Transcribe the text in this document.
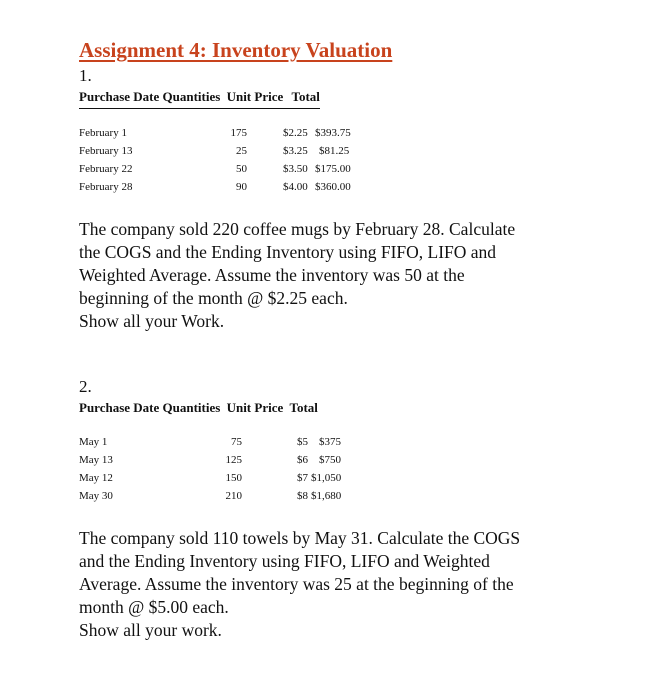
Assignment 4: Inventory Valuation
1.
Purchase Date Quantities Unit Price Total
February 1	175	$2.25 $393.75
February 13	25	$3.25 $81.25
February 22	50	$3.50 $175.00
February 28	90	$4.00 $360.00
The company sold 220 coffee mugs by February 28. Calculate
the COGS and the Ending Inventory using FIFO, LIFO and
Weighted Average. Assume the inventory was 50 at the
beginning of the month @ $2.25 each.
Show all your Work.
2.
Purchase Date Quantities Unit Price Total
May 1	75	$5 $375
May 13	125	$6 $750
May 12	150	$7 $1,050
May 30	210	$8 $1,680
The company sold 110 towels by May 31. Calculate the COGS
and the Ending Inventory using FIFO, LIFO and Weighted
Average. Assume the inventory was 25 at the beginning of the
month @ $5.00 each.
Show all your work.
